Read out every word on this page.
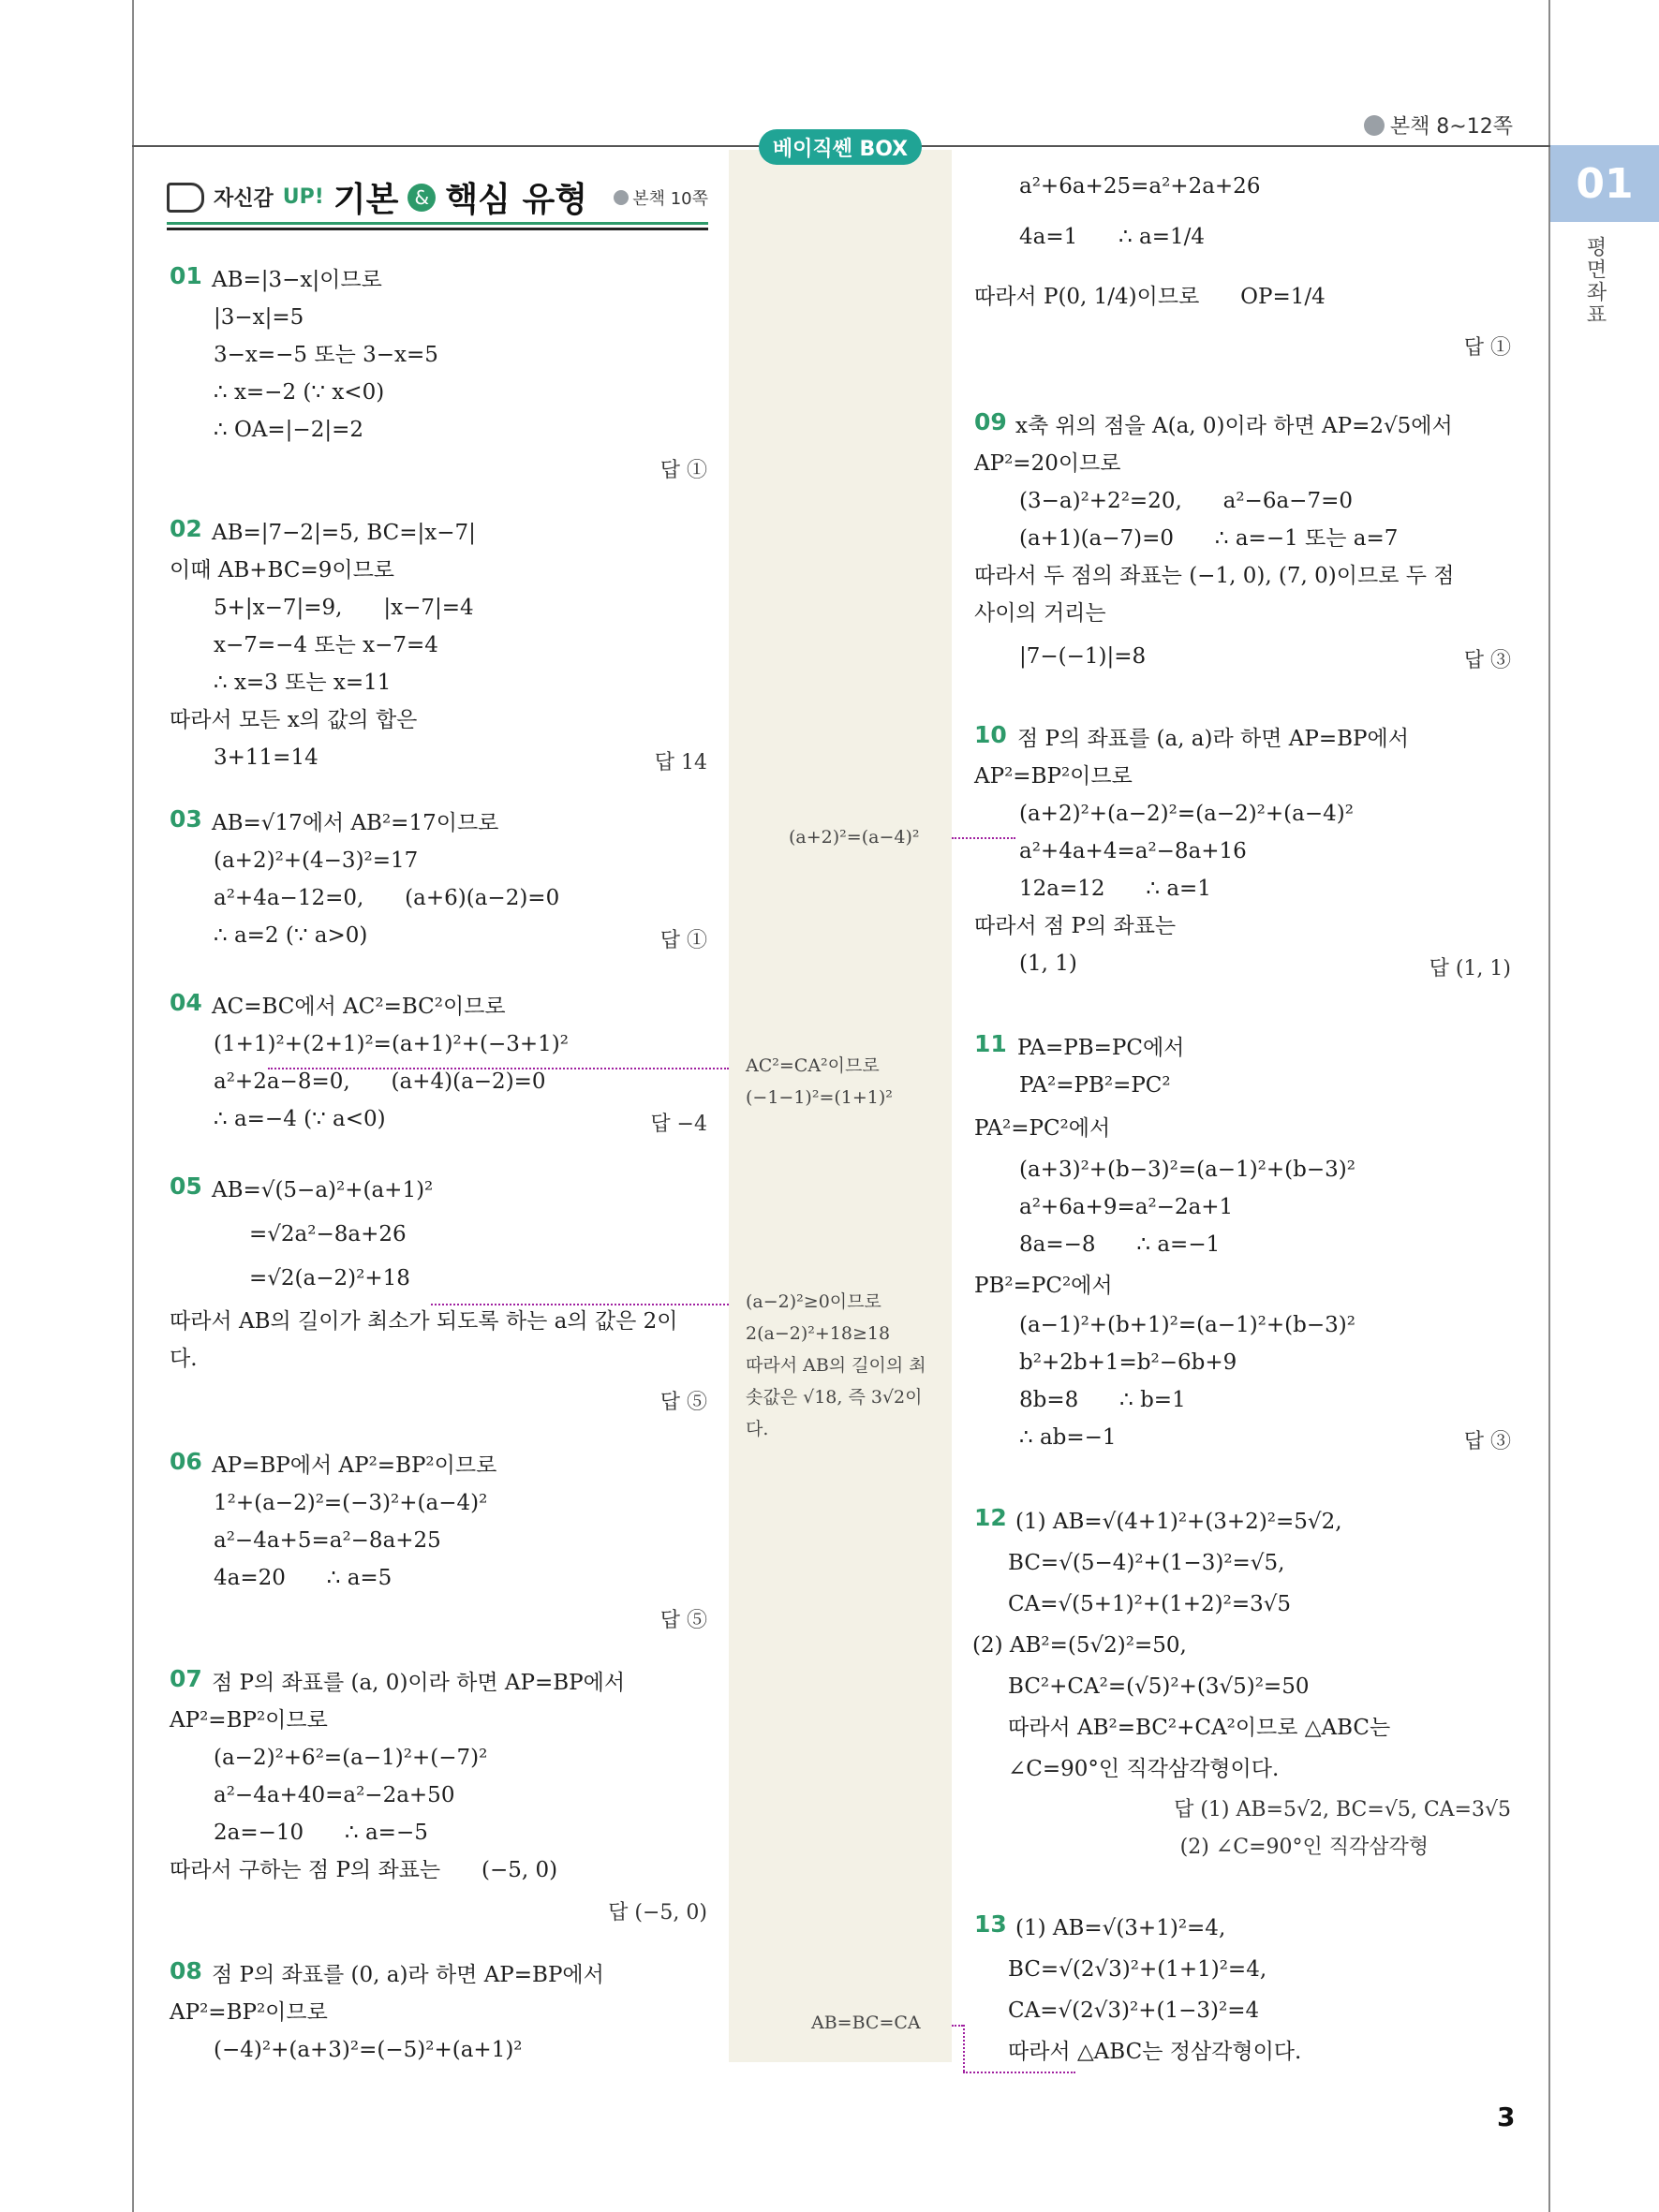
본책 8~12쪽
01
평면좌표
베이직쎈 BOX
자신감 UP! 기본 & 핵심 유형	본책 10쪽
01 AB=|3−x|이므로
|3−x|=5
3−x=−5 또는 3−x=5
∴ x=−2 (∵ x<0)
∴ OA=|−2|=2
답 ①
02 AB=|7−2|=5, BC=|x−7|
이때 AB+BC=9이므로
5+|x−7|=9,      |x−7|=4
x−7=−4 또는 x−7=4
∴ x=3 또는 x=11
따라서 모든 x의 값의 합은
3+11=14	답 14
03 AB=√17에서 AB²=17이므로
(a+2)²+(4−3)²=17
a²+4a−12=0,      (a+6)(a−2)=0
∴ a=2 (∵ a>0)	답 ①
04 AC=BC에서 AC²=BC²이므로
(1+1)²+(2+1)²=(a+1)²+(−3+1)²
a²+2a−8=0,      (a+4)(a−2)=0
∴ a=−4 (∵ a<0)	답 −4
05 AB=√(5−a)²+(a+1)²
=√2a²−8a+26
=√2(a−2)²+18
따라서 AB의 길이가 최소가 되도록 하는 a의 값은 2이
다.
답 ⑤
06 AP=BP에서 AP²=BP²이므로
1²+(a−2)²=(−3)²+(a−4)²
a²−4a+5=a²−8a+25
4a=20      ∴ a=5
답 ⑤
07 점 P의 좌표를 (a, 0)이라 하면 AP=BP에서
AP²=BP²이므로
(a−2)²+6²=(a−1)²+(−7)²
a²−4a+40=a²−2a+50
2a=−10      ∴ a=−5
따라서 구하는 점 P의 좌표는      (−5, 0)
답 (−5, 0)
08 점 P의 좌표를 (0, a)라 하면 AP=BP에서
AP²=BP²이므로
(−4)²+(a+3)²=(−5)²+(a+1)²
a²+6a+25=a²+2a+26
4a=1      ∴ a=1/4
따라서 P(0, 1/4)이므로      OP=1/4
답 ①
09 x축 위의 점을 A(a, 0)이라 하면 AP=2√5에서
AP²=20이므로
(3−a)²+2²=20,      a²−6a−7=0
(a+1)(a−7)=0      ∴ a=−1 또는 a=7
따라서 두 점의 좌표는 (−1, 0), (7, 0)이므로 두 점
사이의 거리는
|7−(−1)|=8	답 ③
10 점 P의 좌표를 (a, a)라 하면 AP=BP에서
AP²=BP²이므로
(a+2)²+(a−2)²=(a−2)²+(a−4)²
a²+4a+4=a²−8a+16
12a=12      ∴ a=1
따라서 점 P의 좌표는
(1, 1)	답 (1, 1)
11 PA=PB=PC에서
PA²=PB²=PC²
PA²=PC²에서
(a+3)²+(b−3)²=(a−1)²+(b−3)²
a²+6a+9=a²−2a+1
8a=−8      ∴ a=−1
PB²=PC²에서
(a−1)²+(b+1)²=(a−1)²+(b−3)²
b²+2b+1=b²−6b+9
8b=8      ∴ b=1
∴ ab=−1	답 ③
12 (1) AB=√(4+1)²+(3+2)²=5√2,
BC=√(5−4)²+(1−3)²=√5,
CA=√(5+1)²+(1+2)²=3√5
(2) AB²=(5√2)²=50,
BC²+CA²=(√5)²+(3√5)²=50
따라서 AB²=BC²+CA²이므로 △ABC는
∠C=90°인 직각삼각형이다.
답 (1) AB=5√2, BC=√5, CA=3√5
13 (1) AB=√(3+1)²=4,
BC=√(2√3)²+(1+1)²=4,
CA=√(2√3)²+(1−3)²=4
따라서 △ABC는 정삼각형이다.
(2) ∠C=90°인 직각삼각형
(a+2)²=(a−4)²
AC²=CA²이므로
(−1−1)²=(1+1)²
(a−2)²≥0이므로
2(a−2)²+18≥18
따라서 AB의 길이의 최
솟값은 √18, 즉 3√2이
다.
AB=BC=CA
3
